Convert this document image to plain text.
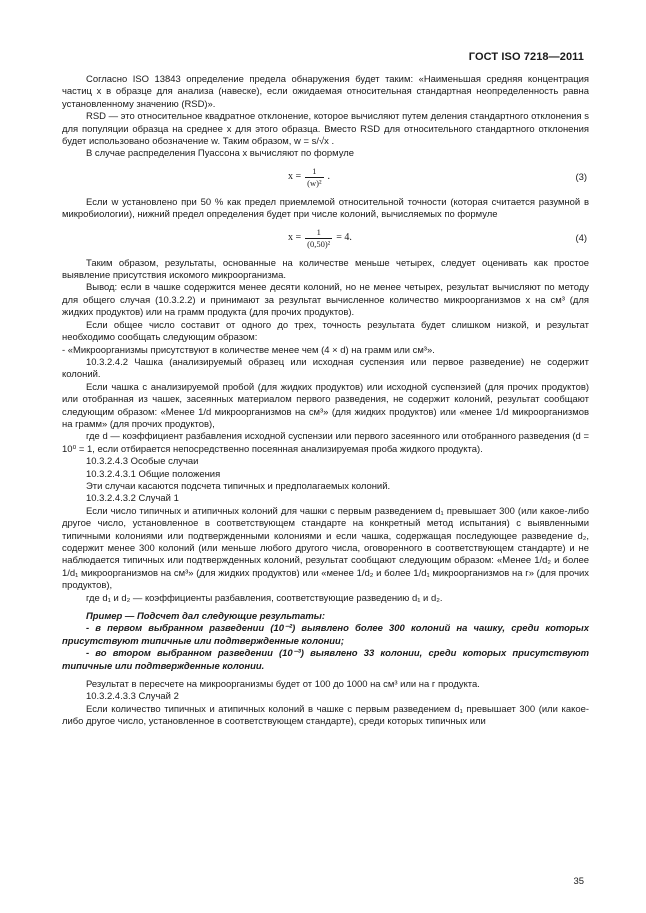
ГОСТ ISO 7218—2011

Согласно ISO 13843 определение предела обнаружения будет таким: «Наименьшая средняя концентрация частиц x в образце для анализа (навеске), если ожидаемая относительная стандартная неопределенность равна установленному значению (RSD)».

RSD — это относительное квадратное отклонение, которое вычисляют путем деления стандартного отклонения s для популяции образца на среднее x для этого образца. Вместо RSD для относительного стандартного отклонения будет использовано обозначение w. Таким образом, w = s/√x .

В случае распределения Пуассона x вычисляют по формуле

$x = \frac{1}{\text{(w)²}}$ .	(3)

Если w установлено при 50 % как предел приемлемой относительной точности (которая считается разумной в микробиологии), нижний предел определения будет при числе колоний, вычисляемых по формуле

$x = \frac{1}{\text{(0,50)²}} = 4$.	(4)

Таким образом, результаты, основанные на количестве меньше четырех, следует оценивать как простое выявление присутствия искомого микроорганизма.

Вывод: если в чашке содержится менее десяти колоний, но не менее четырех, результат вычисляют по методу для общего случая (10.3.2.2) и принимают за результат вычисленное количество микроорганизмов x на см³ (для жидких продуктов) или на грамм продукта (для прочих продуктов).

Если общее число составит от одного до трех, точность результата будет слишком низкой, и результат необходимо сообщать следующим образом:

- «Микроорганизмы присутствуют в количестве менее чем (4 × d) на грамм или см³».

10.3.2.4.2 Чашка (анализируемый образец или исходная суспензия или первое разведение) не содержит колоний.

Если чашка с анализируемой пробой (для жидких продуктов) или исходной суспензией (для прочих продуктов) или отобранная из чашек, засеянных материалом первого разведения, не содержит колоний, результат сообщают следующим образом: «Менее 1/d микроорганизмов на см³» (для жидких продуктов) или «менее 1/d микроорганизмов на грамм» (для прочих продуктов),

где d — коэффициент разбавления исходной суспензии или первого засеянного или отобранного разведения (d = 10⁰ = 1, если отбирается непосредственно посеянная анализируемая проба жидкого продукта).

10.3.2.4.3 Особые случаи

10.3.2.4.3.1 Общие положения

Эти случаи касаются подсчета типичных и предполагаемых колоний.

10.3.2.4.3.2 Случай 1

Если число типичных и атипичных колоний для чашки с первым разведением d₁ превышает 300 (или какое-либо другое число, установленное в соответствующем стандарте на конкретный метод испытания) с выявленными типичными колониями или подтвержденными колониями и если чашка, содержащая последующее разведение d₂, содержит менее 300 колоний (или меньше любого другого числа, оговоренного в соответствующем стандарте) и не наблюдается типичных или подтвержденных колоний, результат сообщают следующим образом: «Менее 1/d₂ и более 1/d₁ микроорганизмов на см³» (для жидких продуктов) или «менее 1/d₂ и более 1/d₁ микроорганизмов на г» (для прочих продуктов),

где d₁ и d₂ — коэффициенты разбавления, соответствующие разведению d₁ и d₂.

Пример — Подсчет дал следующие результаты:

- в первом выбранном разведении (10⁻²) выявлено более 300 колоний на чашку, среди которых присутствуют типичные или подтвержденные колонии;

- во втором выбранном разведении (10⁻³) выявлено 33 колонии, среди которых присутствуют типичные или подтвержденные колонии.

Результат в пересчете на микроорганизмы будет от 100 до 1000 на см³ или на г продукта.

10.3.2.4.3.3 Случай 2

Если количество типичных и атипичных колоний в чашке с первым разведением d₁ превышает 300 (или какое-либо другое число, установленное в соответствующем стандарте), среди которых типичных или

35
